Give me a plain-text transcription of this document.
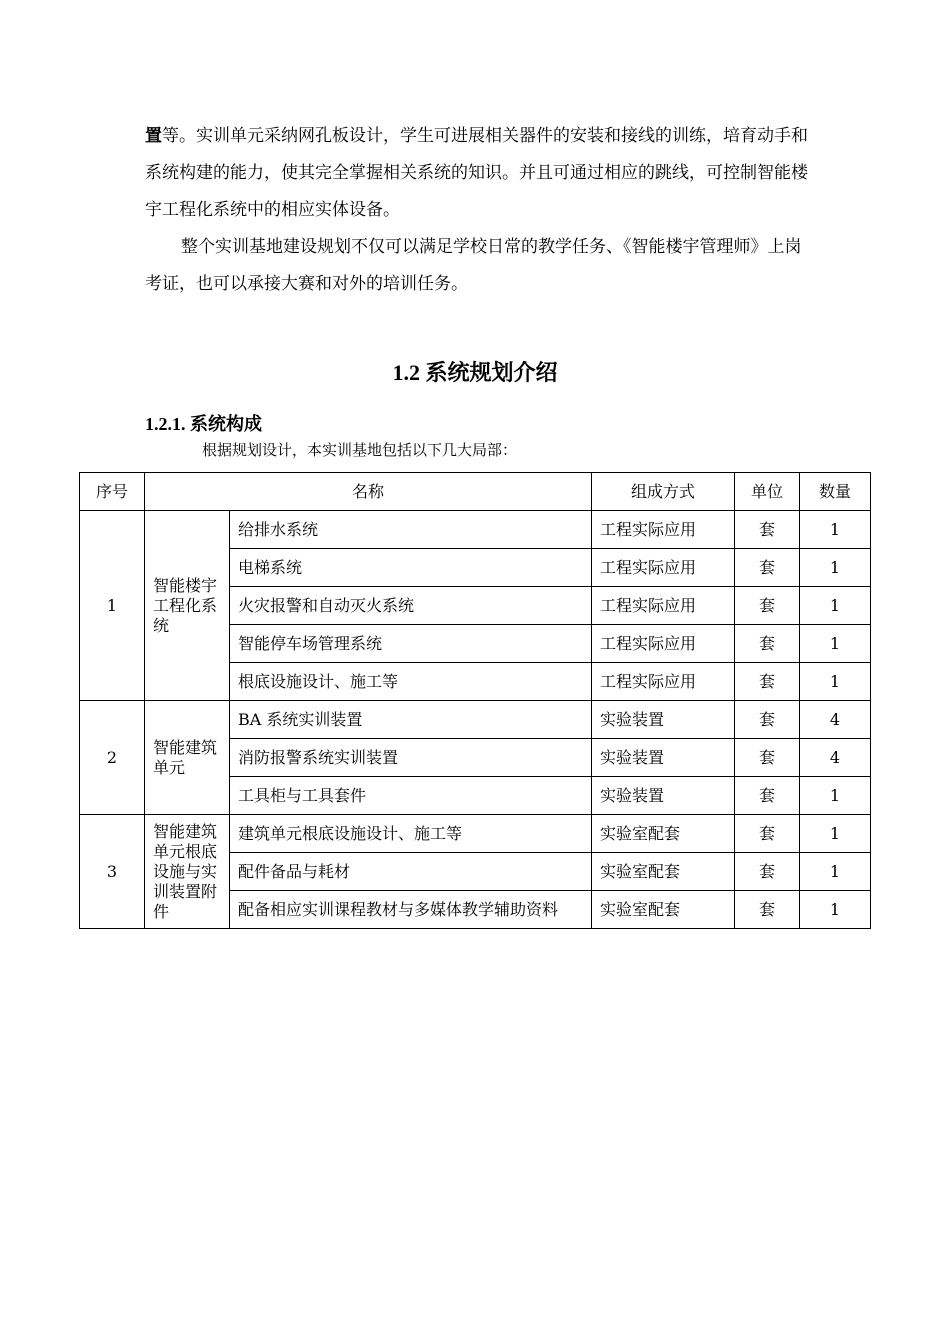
置等。实训单元采纳网孔板设计，学生可进展相关器件的安装和接线的训练，培育动手和系统构建的能力，使其完全掌握相关系统的知识。并且可通过相应的跳线，可控制智能楼宇工程化系统中的相应实体设备。

整个实训基地建设规划不仅可以满足学校日常的教学任务、《智能楼宇管理师》上岗考证，也可以承接大赛和对外的培训任务。

1.2 系统规划介绍
1.2.1. 系统构成

根据规划设计，本实训基地包括以下几大局部：

序号	名称		组成方式	单位	数量
1	智能楼宇工程化系统	给排水系统	工程实际应用	套	1
		电梯系统	工程实际应用	套	1
		火灾报警和自动灭火系统	工程实际应用	套	1
		智能停车场管理系统	工程实际应用	套	1
		根底设施设计、施工等	工程实际应用	套	1
2	智能建筑单元	BA 系统实训装置	实验装置	套	4
		消防报警系统实训装置	实验装置	套	4
		工具柜与工具套件	实验装置	套	1
3	智能建筑单元根底设施与实训装置附件	建筑单元根底设施设计、施工等	实验室配套	套	1
		配件备品与耗材	实验室配套	套	1
		配备相应实训课程教材与多媒体教学辅助资料	实验室配套	套	1
